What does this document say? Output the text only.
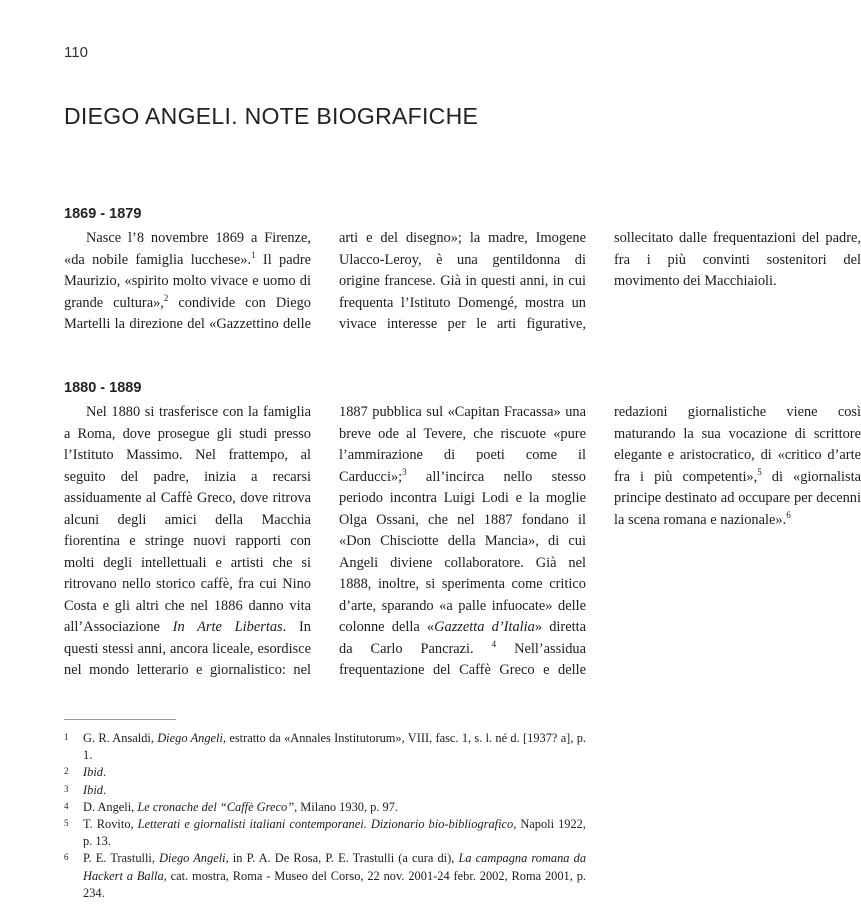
110
DIEGO ANGELI. NOTE BIOGRAFICHE
1869 - 1879

Nasce l’8 novembre 1869 a Firenze, «da nobile famiglia lucchese».$^1$ Il padre Maurizio, «spirito molto vivace e uomo di grande cultura»,$^2$ condivide con Diego Martelli la direzione del «Gazzettino delle arti e del disegno»; la madre, Imogene Ulacco-Leroy, è una gentildonna di origine francese. Già in questi anni, in cui frequenta l’Istituto Domengé, mostra un vivace interesse per le arti figurative, sollecitato dalle frequentazioni del padre, fra i più convinti sostenitori del movimento dei Macchiaioli.

1880 - 1889

Nel 1880 si trasferisce con la famiglia a Roma, dove prosegue gli studi presso l’Istituto Massimo. Nel frattempo, al seguito del padre, inizia a recarsi assiduamente al Caffè Greco, dove ritrova alcuni degli amici della Macchia fiorentina e stringe nuovi rapporti con molti degli intellettuali e artisti che si ritrovano nello storico caffè, fra cui Nino Costa e gli altri che nel 1886 danno vita all’Associazione In Arte Libertas. In questi stessi anni, ancora liceale, esordisce nel mondo letterario e giornalistico: nel 1887 pubblica sul «Capitan Fracassa» una breve ode al Tevere, che riscuote «pure l’ammirazione di poeti come il Carducci»;$^3$ all’incirca nello stesso periodo incontra Luigi Lodi e la moglie Olga Ossani, che nel 1887 fondano il «Don Chisciotte della Mancia», di cui Angeli diviene collaboratore. Già nel 1888, inoltre, si sperimenta come critico d’arte, sparando «a palle infuocate» delle colonne della «Gazzetta d’Italia» diretta da Carlo Pancrazi. $^4$ Nell’assidua frequentazione del Caffè Greco e delle redazioni giornalistiche viene così maturando la sua vocazione di scrittore elegante e aristocratico, di «critico d’arte fra i più competenti»,$^5$ di «giornalista principe destinato ad occupare per decenni la scena romana e nazionale».$^6$

1 G. R. Ansaldi, Diego Angeli, estratto da «Annales Institutorum», VIII, fasc. 1, s. l. né d. [1937? a], p. 1.
2 Ibid.
3 Ibid.
4 D. Angeli, Le cronache del “Caffè Greco”, Milano 1930, p. 97.
5 T. Rovito, Letterati e giornalisti italiani contemporanei. Dizionario bio-bibliografico, Napoli 1922, p. 13.
6 P. E. Trastulli, Diego Angeli, in P. A. De Rosa, P. E. Trastulli (a cura di), La campagna romana da Hackert a Balla, cat. mostra, Roma - Museo del Corso, 22 nov. 2001-24 febr. 2002, Roma 2001, p. 234.
